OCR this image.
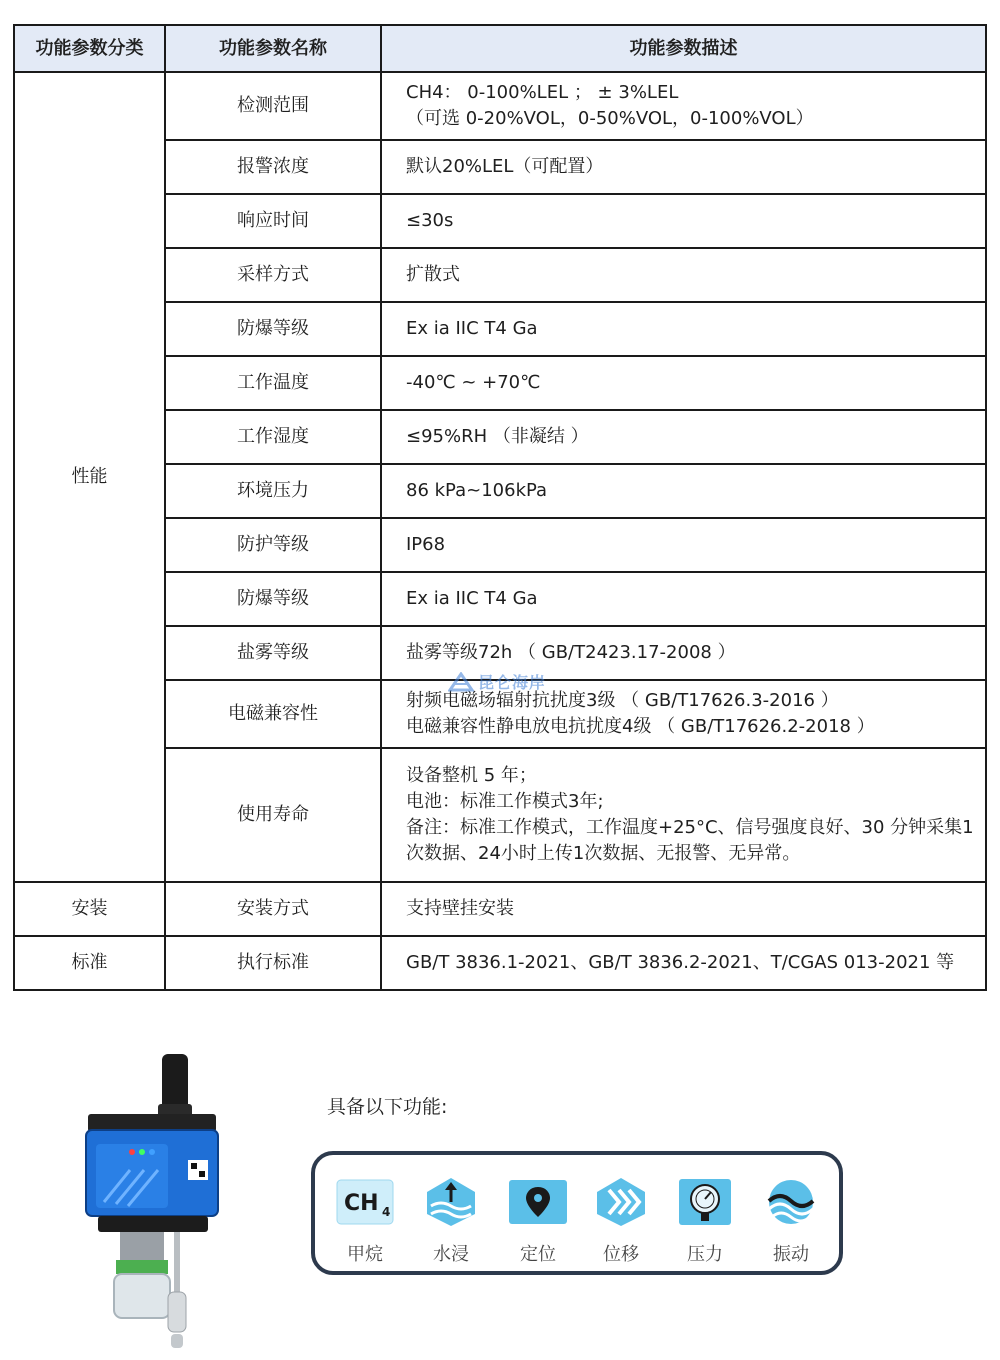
功能参数分类	功能参数名称	功能参数描述
性能	检测范围	CH4： 0-100%LEL ； ± 3%LEL
（可选 0-20%VOL，0-50%VOL，0-100%VOL）

	报警浓度	默认20%LEL（可配置）

	响应时间	≤30s

	采样方式	扩散式

	防爆等级	Ex ia IIC T4 Ga

	工作温度	-40℃ ~ +70℃

	工作湿度	≤95%RH （非凝结 ）

	环境压力	86 kPa~106kPa

	防护等级	IP68

	防爆等级	Ex ia IIC T4 Ga

	盐雾等级	盐雾等级72h （ GB/T2423.17-2008 ）

	电磁兼容性	射频电磁场辐射抗扰度3级 （ GB/T17626.3-2016 ）
电磁兼容性静电放电抗扰度4级 （ GB/T17626.2-2018 ）

	使用寿命	设备整机 5 年；
电池：标准工作模式3年;
备注：标准工作模式，工作温度+25°C、信号强度良好、30 分钟采集1次数据、24小时上传1次数据、无报警、无异常。

安装	安装方式	支持壁挂安装

标准	执行标准	GB/T 3836.1-2021、GB/T 3836.2-2021、T/CGAS 013-2021 等
昆仑海岸
具备以下功能:
CH 4
甲烷	水浸	定位	位移	压力	振动
